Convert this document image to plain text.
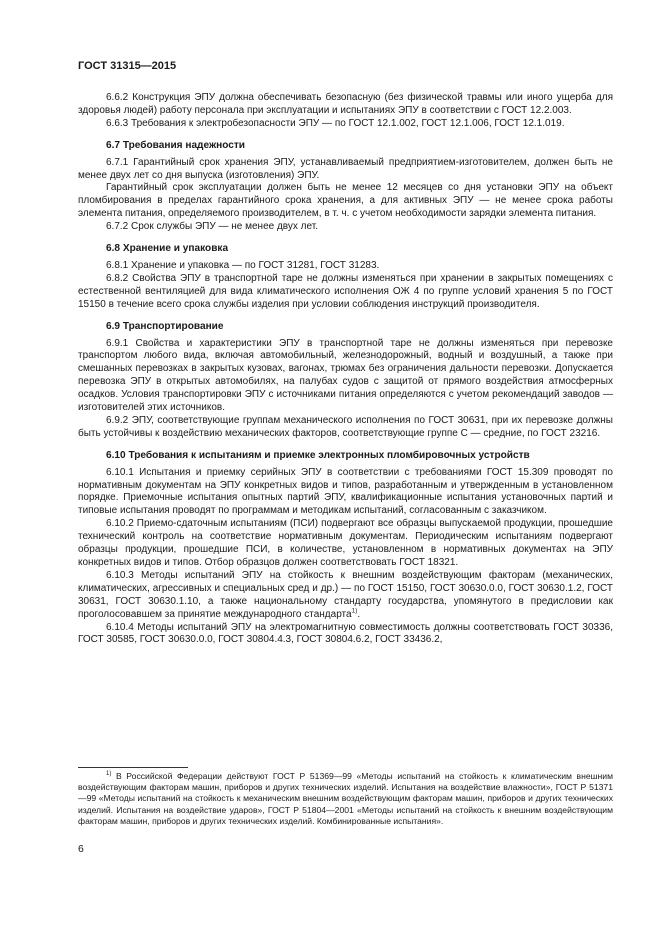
ГОСТ 31315—2015

6.6.2 Конструкция ЭПУ должна обеспечивать безопасную (без физической травмы или иного ущерба для здоровья людей) работу персонала при эксплуатации и испытаниях ЭПУ в соответствии с ГОСТ 12.2.003.

6.6.3 Требования к электробезопасности ЭПУ — по ГОСТ 12.1.002, ГОСТ 12.1.006, ГОСТ 12.1.019.

6.7 Требования надежности

6.7.1 Гарантийный срок хранения ЭПУ, устанавливаемый предприятием-изготовителем, должен быть не менее двух лет со дня выпуска (изготовления) ЭПУ.

Гарантийный срок эксплуатации должен быть не менее 12 месяцев со дня установки ЭПУ на объект пломбирования в пределах гарантийного срока хранения, а для активных ЭПУ — не менее срока работы элемента питания, определяемого производителем, в т. ч. с учетом необходимости зарядки элемента питания.

6.7.2 Срок службы ЭПУ — не менее двух лет.

6.8 Хранение и упаковка

6.8.1 Хранение и упаковка — по ГОСТ 31281, ГОСТ 31283.

6.8.2 Свойства ЭПУ в транспортной таре не должны изменяться при хранении в закрытых помещениях с естественной вентиляцией для вида климатического исполнения ОЖ 4 по группе условий хранения 5 по ГОСТ 15150 в течение всего срока службы изделия при условии соблюдения инструкций производителя.

6.9 Транспортирование

6.9.1 Свойства и характеристики ЭПУ в транспортной таре не должны изменяться при перевозке транспортом любого вида, включая автомобильный, железнодорожный, водный и воздушный, а также при смешанных перевозках в закрытых кузовах, вагонах, трюмах без ограничения дальности перевозки. Допускается перевозка ЭПУ в открытых автомобилях, на палубах судов с защитой от прямого воздействия атмосферных осадков. Условия транспортировки ЭПУ с источниками питания определяются с учетом рекомендаций заводов — изготовителей этих источников.

6.9.2 ЭПУ, соответствующие группам механического исполнения по ГОСТ 30631, при их перевозке должны быть устойчивы к воздействию механических факторов, соответствующие группе С — средние, по ГОСТ 23216.

6.10 Требования к испытаниям и приемке электронных пломбировочных устройств

6.10.1 Испытания и приемку серийных ЭПУ в соответствии с требованиями ГОСТ 15.309 проводят по нормативным документам на ЭПУ конкретных видов и типов, разработанным и утвержденным в установленном порядке. Приемочные испытания опытных партий ЭПУ, квалификационные испытания установочных партий и типовые испытания проводят по программам и методикам испытаний, согласованным с заказчиком.

6.10.2 Приемо-сдаточным испытаниям (ПСИ) подвергают все образцы выпускаемой продукции, прошедшие технический контроль на соответствие нормативным документам. Периодическим испытаниям подвергают образцы продукции, прошедшие ПСИ, в количестве, установленном в нормативных документах на ЭПУ конкретных видов и типов. Отбор образцов должен соответствовать ГОСТ 18321.

6.10.3 Методы испытаний ЭПУ на стойкость к внешним воздействующим факторам (механических, климатических, агрессивных и специальных сред и др.) — по ГОСТ 15150, ГОСТ 30630.0.0, ГОСТ 30630.1.2, ГОСТ 30631, ГОСТ 30630.1.10, а также национальному стандарту государства, упомянутого в предисловии как проголосовавшем за принятие международного стандарта$^{1)}$.

6.10.4 Методы испытаний ЭПУ на электромагнитную совместимость должны соответствовать ГОСТ 30336, ГОСТ 30585, ГОСТ 30630.0.0, ГОСТ 30804.4.3, ГОСТ 30804.6.2, ГОСТ 33436.2,

$^{1)}$ В Российской Федерации действуют ГОСТ Р 51369—99 «Методы испытаний на стойкость к климатическим внешним воздействующим факторам машин, приборов и других технических изделий. Испытания на воздействие влажности», ГОСТ Р 51371—99 «Методы испытаний на стойкость к механическим внешним воздействующим факторам машин, приборов и других технических изделий. Испытания на воздействие ударов», ГОСТ Р 51804—2001 «Методы испытаний на стойкость к внешним воздействующим факторам машин, приборов и других технических изделий. Комбинированные испытания».

6
